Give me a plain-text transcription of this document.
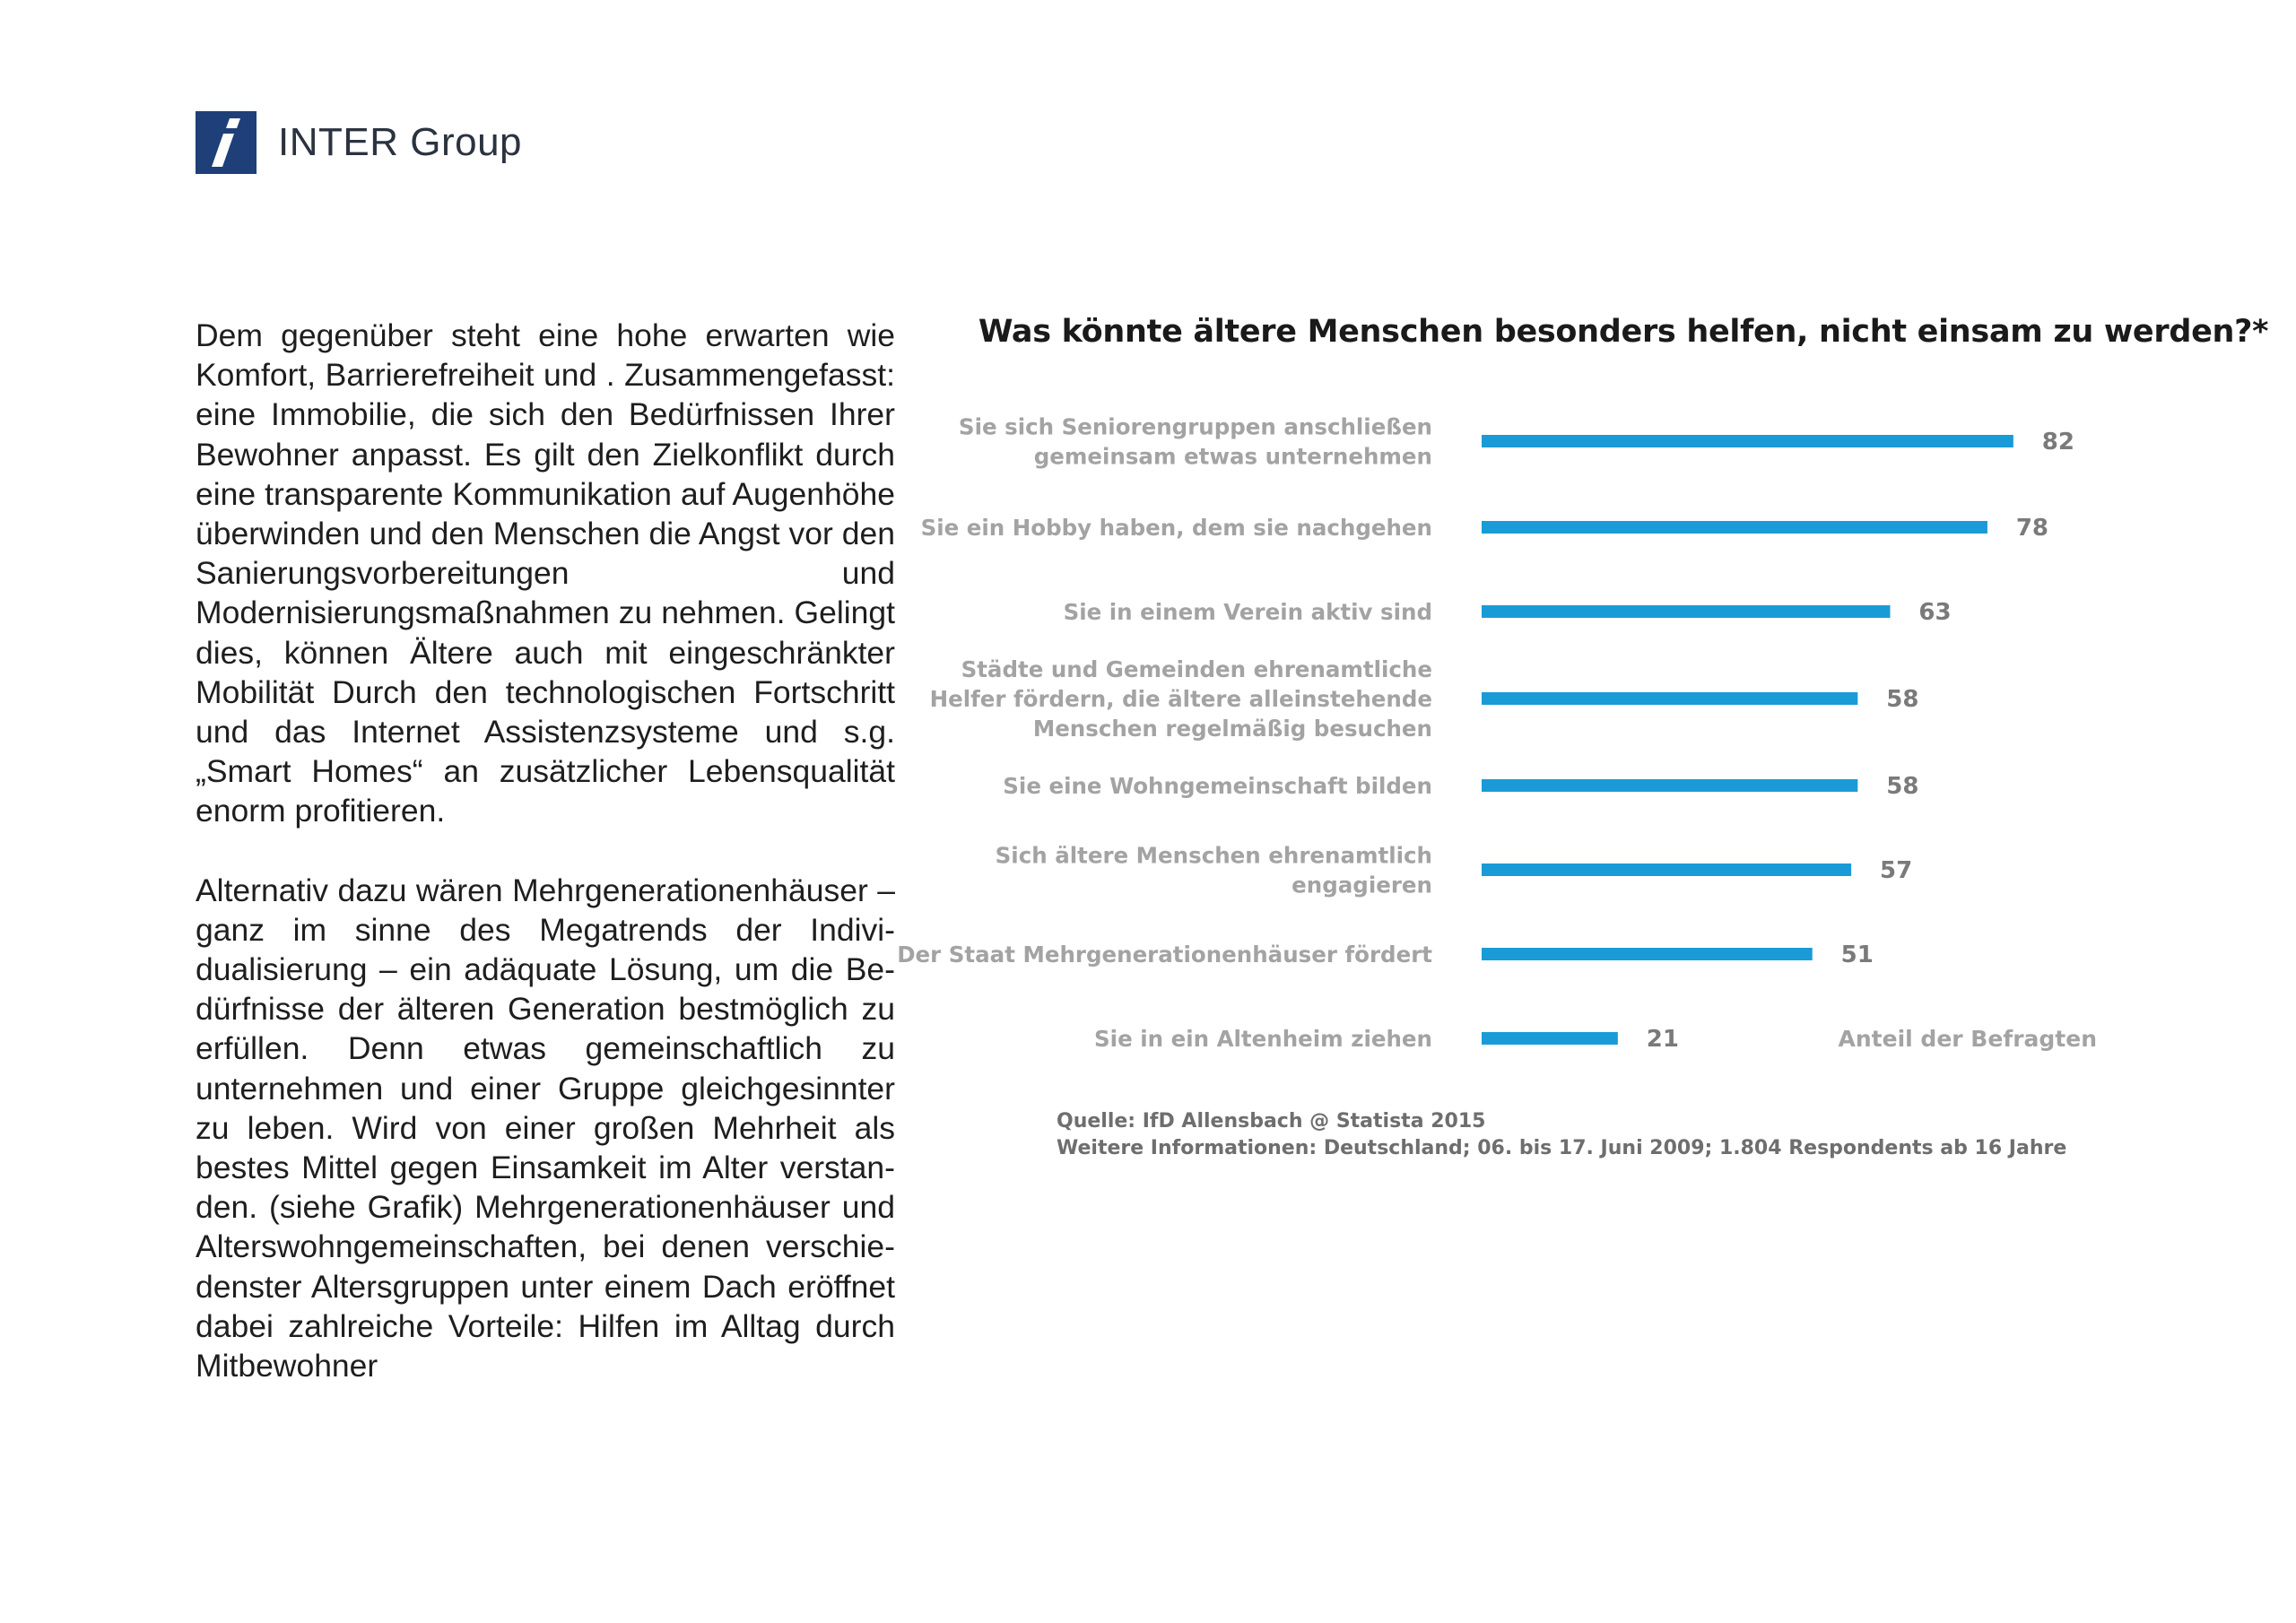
INTER Group

Dem gegenüber steht eine hohe erwarten wie Komfort, Barrierefreiheit und . Zusammengefasst: eine Immobilie, die sich den Bedürfnissen Ihrer Bewohner anpasst. Es gilt den Zielkonflikt durch eine transparente Kommunikation auf Augenhöhe überwinden und den Menschen die Angst vor den Sanierungsvorbereitungen und Modernisierungsmaßnahmen zu nehmen. Gelingt dies, können Ältere auch mit eingeschränkter Mobilität Durch den technologischen Fortschritt und das Internet Assistenzsysteme und s.g. „Smart Homes“ an zusätzlicher Lebensqualität enorm profitieren.

Alternativ dazu wären Mehrgenerationenhäuser – ganz im sinne des Megatrends der Individualisierung – ein adäquate Lösung, um die Bedürfnisse der älteren Generation bestmöglich zu erfüllen. Denn etwas gemeinschaftlich zu unternehmen und einer Gruppe gleichgesinnter zu leben. Wird von einer großen Mehrheit als bestes Mittel gegen Einsamkeit im Alter verstanden. (siehe Grafik) Mehrgenerationenhäuser und Alterswohngemeinschaften, bei denen verschiedenster Altersgruppen unter einem Dach eröffnet dabei zahlreiche Vorteile: Hilfen im Alltag durch Mitbewohner

Was könnte ältere Menschen besonders helfen, nicht einsam zu werden?*
82
Sie sich Seniorengruppen anschließen gemeinsam etwas unternehmen
78
Sie ein Hobby haben, dem sie nachgehen
63
Sie in einem Verein aktiv sind
58
Städte und Gemeinden ehrenamtliche Helfer fördern, die ältere alleinstehende Menschen regelmäßig besuchen
58
Sie eine Wohngemeinschaft bilden
57
Sich ältere Menschen ehrenamtlich engagieren
51
Der Staat Mehrgenerationenhäuser fördert
21
Sie in ein Altenheim ziehen	Anteil der Befragten
Quelle: IfD Allensbach @ Statista 2015
Weitere Informationen: Deutschland; 06. bis 17. Juni 2009; 1.804 Respondents ab 16 Jahre
